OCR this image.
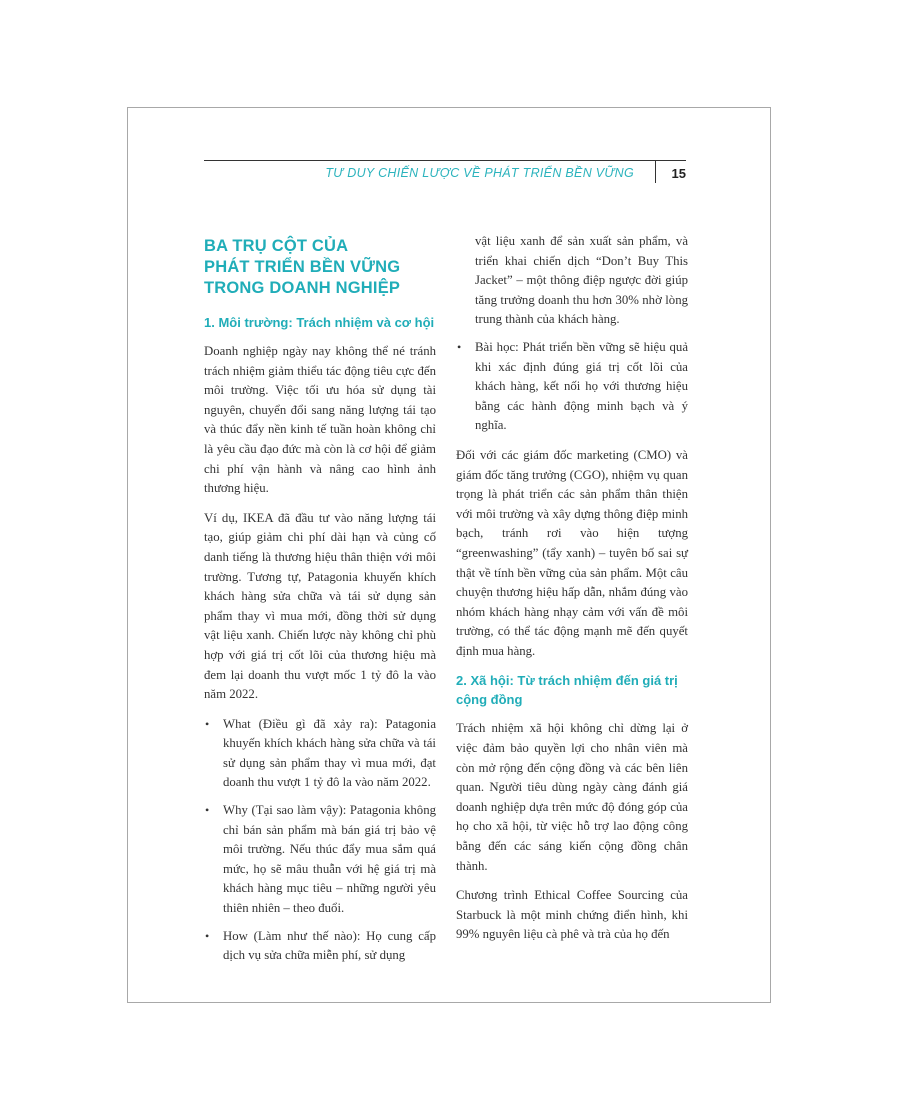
TƯ DUY CHIẾN LƯỢC VỀ PHÁT TRIỂN BỀN VỮNG	15
BA TRỤ CỘT CỦA
PHÁT TRIỂN BỀN VỮNG
TRONG DOANH NGHIỆP
1. Môi trường: Trách nhiệm và cơ hội

Doanh nghiệp ngày nay không thể né tránh trách nhiệm giảm thiểu tác động tiêu cực đến môi trường. Việc tối ưu hóa sử dụng tài nguyên, chuyển đổi sang năng lượng tái tạo và thúc đẩy nền kinh tế tuần hoàn không chỉ là yêu cầu đạo đức mà còn là cơ hội để giảm chi phí vận hành và nâng cao hình ảnh thương hiệu.

Ví dụ, IKEA đã đầu tư vào năng lượng tái tạo, giúp giảm chi phí dài hạn và củng cố danh tiếng là thương hiệu thân thiện với môi trường. Tương tự, Patagonia khuyến khích khách hàng sửa chữa và tái sử dụng sản phẩm thay vì mua mới, đồng thời sử dụng vật liệu xanh. Chiến lược này không chỉ phù hợp với giá trị cốt lõi của thương hiệu mà đem lại doanh thu vượt mốc 1 tỷ đô la vào năm 2022.

• What (Điều gì đã xảy ra): Patagonia khuyến khích khách hàng sửa chữa và tái sử dụng sản phẩm thay vì mua mới, đạt doanh thu vượt 1 tỷ đô la vào năm 2022.
• Why (Tại sao làm vậy): Patagonia không chỉ bán sản phẩm mà bán giá trị bảo vệ môi trường. Nếu thúc đẩy mua sắm quá mức, họ sẽ mâu thuẫn với hệ giá trị mà khách hàng mục tiêu – những người yêu thiên nhiên – theo đuổi.
• How (Làm như thế nào): Họ cung cấp dịch vụ sửa chữa miễn phí, sử dụng
vật liệu xanh để sản xuất sản phẩm, và triển khai chiến dịch “Don’t Buy This Jacket” – một thông điệp ngược đời giúp tăng trưởng doanh thu hơn 30% nhờ lòng trung thành của khách hàng.
• Bài học: Phát triển bền vững sẽ hiệu quả khi xác định đúng giá trị cốt lõi của khách hàng, kết nối họ với thương hiệu bằng các hành động minh bạch và ý nghĩa.

Đối với các giám đốc marketing (CMO) và giám đốc tăng trưởng (CGO), nhiệm vụ quan trọng là phát triển các sản phẩm thân thiện với môi trường và xây dựng thông điệp minh bạch, tránh rơi vào hiện tượng “greenwashing” (tẩy xanh) – tuyên bố sai sự thật về tính bền vững của sản phẩm. Một câu chuyện thương hiệu hấp dẫn, nhắm đúng vào nhóm khách hàng nhạy cảm với vấn đề môi trường, có thể tác động mạnh mẽ đến quyết định mua hàng.

2. Xã hội: Từ trách nhiệm đến giá trị cộng đồng

Trách nhiệm xã hội không chỉ dừng lại ở việc đảm bảo quyền lợi cho nhân viên mà còn mở rộng đến cộng đồng và các bên liên quan. Người tiêu dùng ngày càng đánh giá doanh nghiệp dựa trên mức độ đóng góp của họ cho xã hội, từ việc hỗ trợ lao động công bằng đến các sáng kiến cộng đồng chân thành.

Chương trình Ethical Coffee Sourcing của Starbuck là một minh chứng điển hình, khi 99% nguyên liệu cà phê và trà của họ đến
